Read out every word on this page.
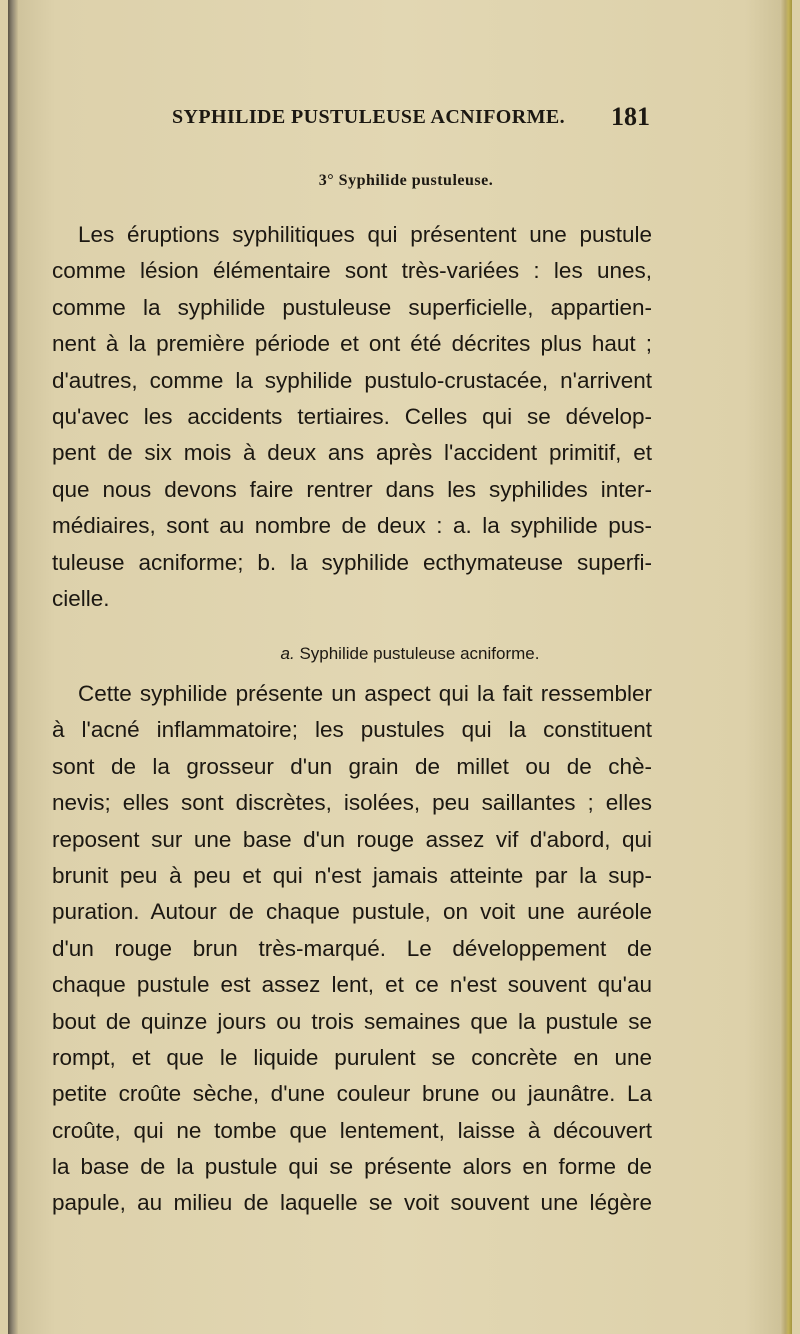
SYPHILIDE PUSTULEUSE ACNIFORME. 181
3° Syphilide pustuleuse.
Les éruptions syphilitiques qui présentent une pustule
comme lésion élémentaire sont très-variées : les unes,
comme la syphilide pustuleuse superficielle, appartien-
nent à la première période et ont été décrites plus haut ;
d'autres, comme la syphilide pustulo-crustacée, n'arrivent
qu'avec les accidents tertiaires. Celles qui se dévelop-
pent de six mois à deux ans après l'accident primitif, et
que nous devons faire rentrer dans les syphilides inter-
médiaires, sont au nombre de deux : a. la syphilide pus-
tuleuse acniforme; b. la syphilide ecthymateuse superfi-
cielle.
a. Syphilide pustuleuse acniforme.
Cette syphilide présente un aspect qui la fait ressembler
à l'acné inflammatoire; les pustules qui la constituent
sont de la grosseur d'un grain de millet ou de chè-
nevis; elles sont discrètes, isolées, peu saillantes ; elles
reposent sur une base d'un rouge assez vif d'abord, qui
brunit peu à peu et qui n'est jamais atteinte par la sup-
puration. Autour de chaque pustule, on voit une auréole
d'un rouge brun très-marqué. Le développement de
chaque pustule est assez lent, et ce n'est souvent qu'au
bout de quinze jours ou trois semaines que la pustule se
rompt, et que le liquide purulent se concrète en une
petite croûte sèche, d'une couleur brune ou jaunâtre. La
croûte, qui ne tombe que lentement, laisse à découvert
la base de la pustule qui se présente alors en forme de
papule, au milieu de laquelle se voit souvent une légère
